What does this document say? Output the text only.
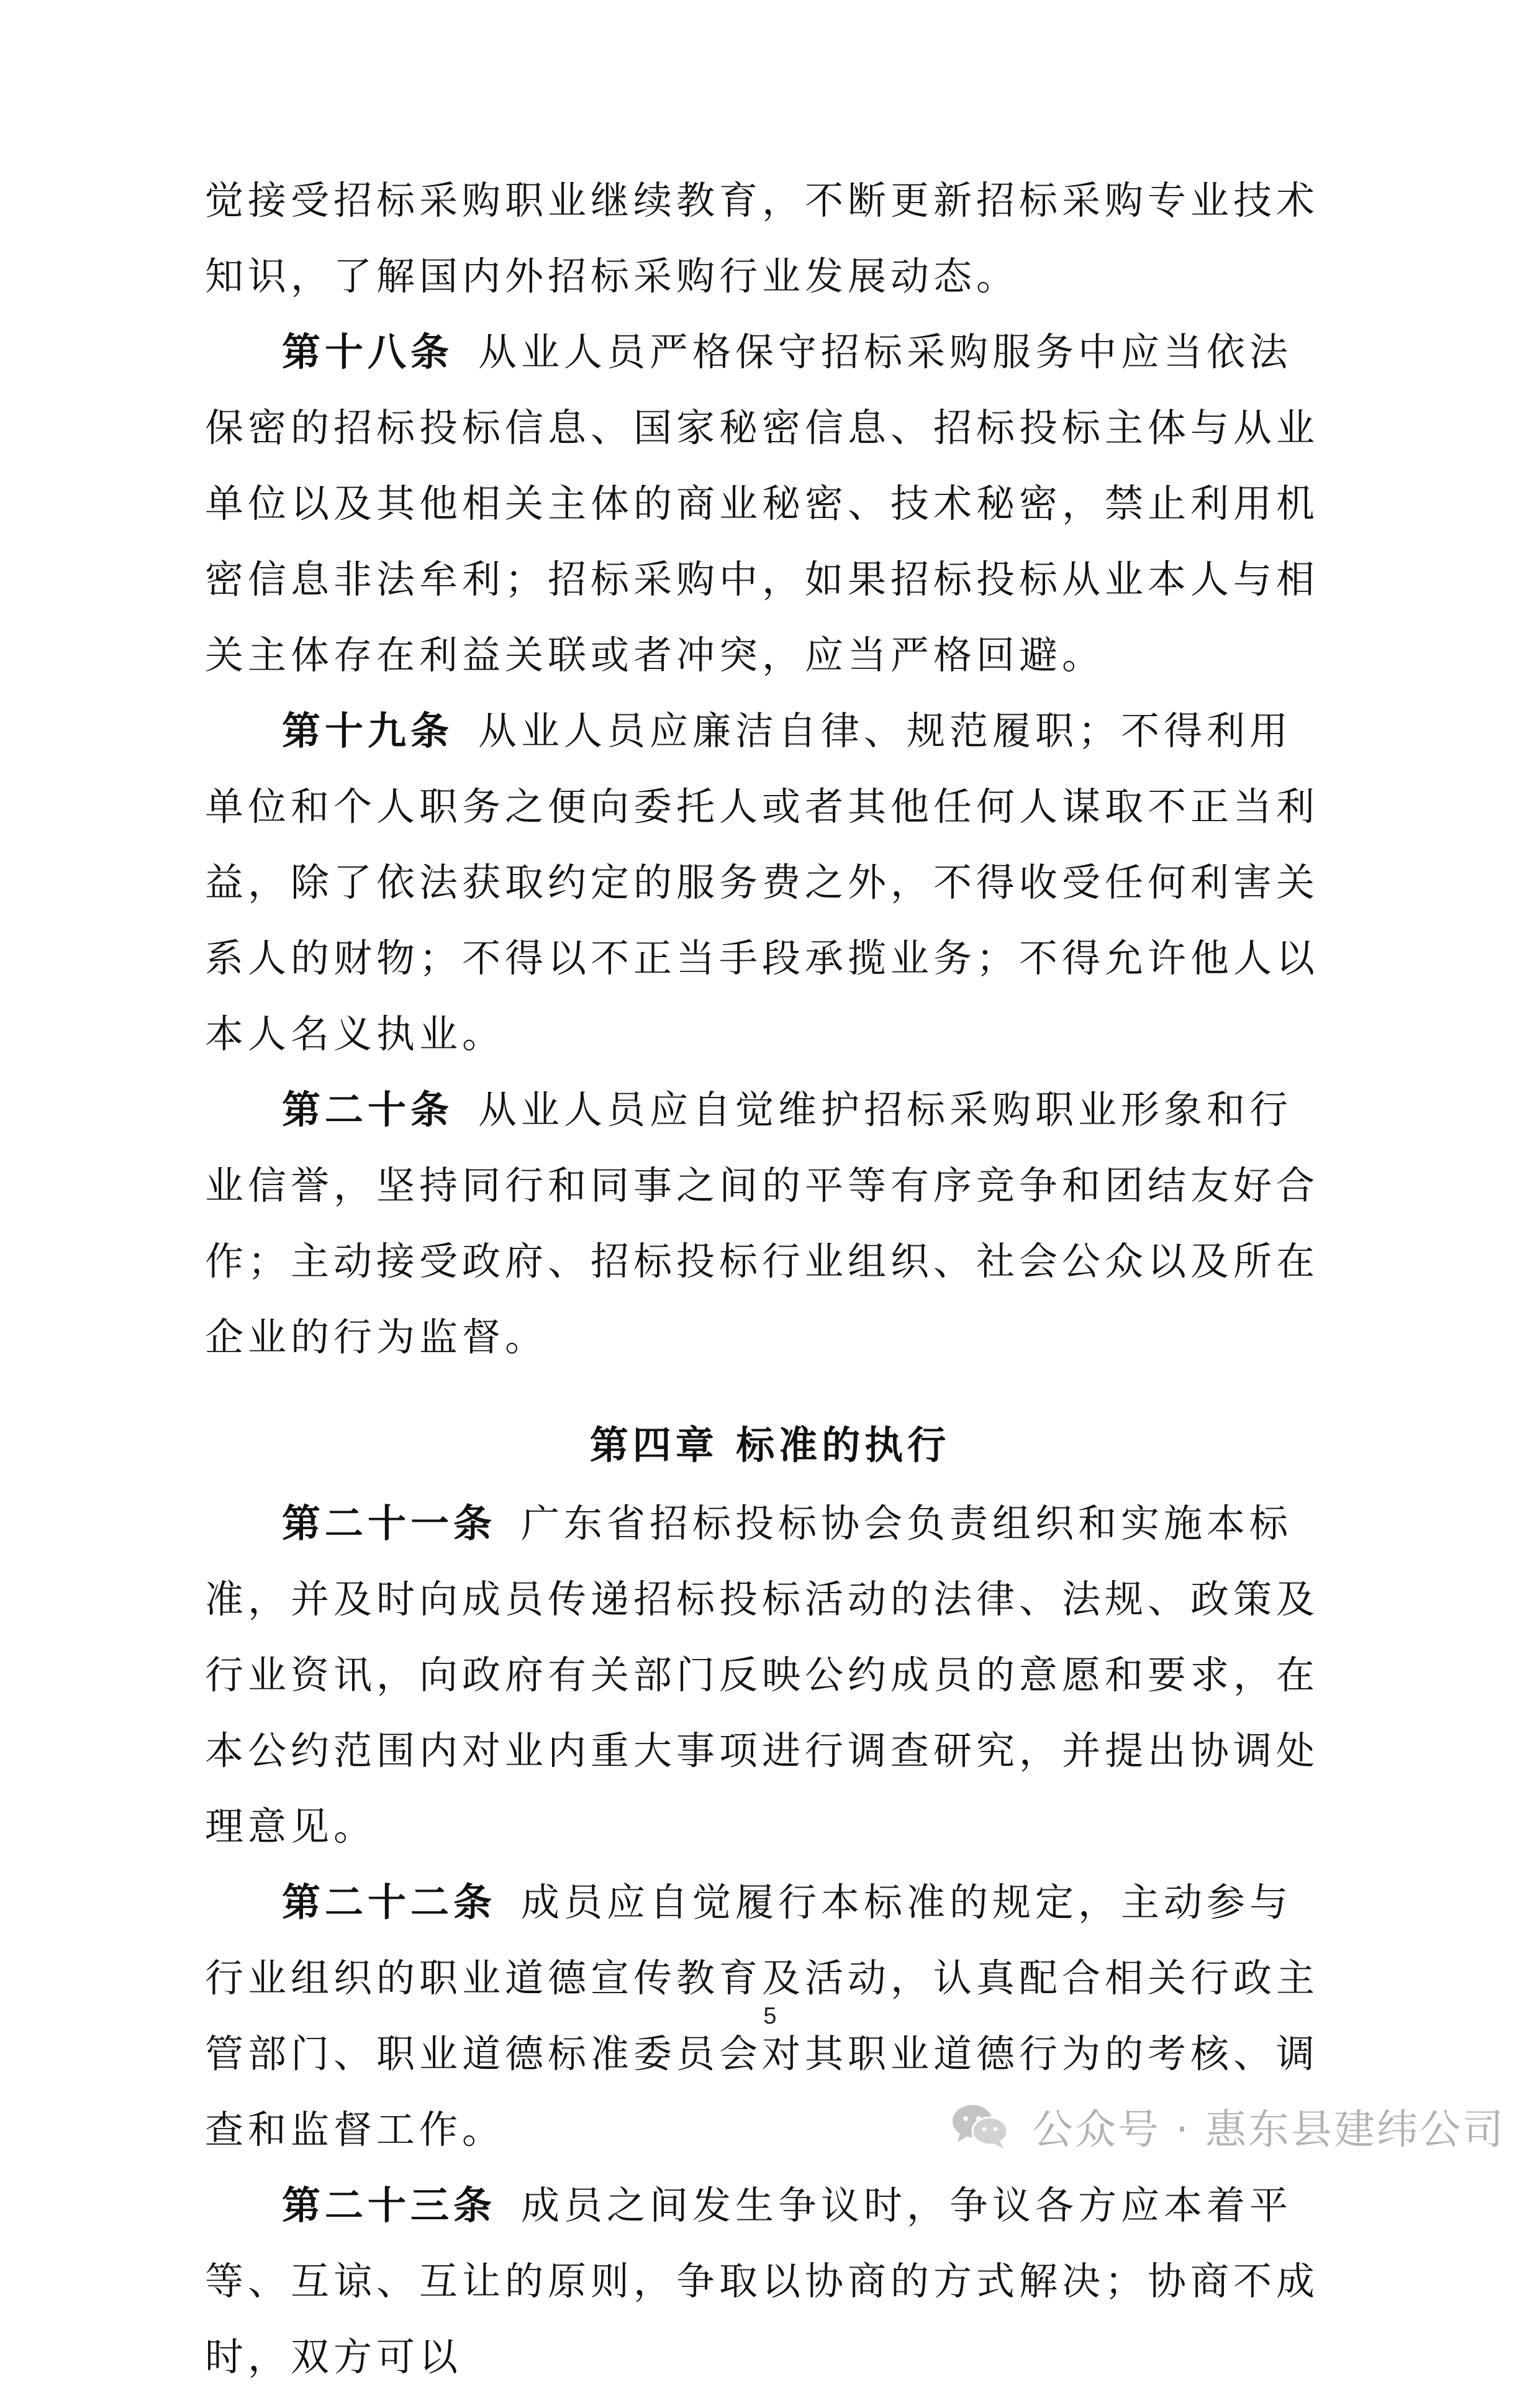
觉接受招标采购职业继续教育，不断更新招标采购专业技术知识，了解国内外招标采购行业发展动态。

第十八条 从业人员严格保守招标采购服务中应当依法保密的招标投标信息、国家秘密信息、招标投标主体与从业单位以及其他相关主体的商业秘密、技术秘密，禁止利用机密信息非法牟利；招标采购中，如果招标投标从业本人与相关主体存在利益关联或者冲突，应当严格回避。

第十九条 从业人员应廉洁自律、规范履职；不得利用单位和个人职务之便向委托人或者其他任何人谋取不正当利益，除了依法获取约定的服务费之外，不得收受任何利害关系人的财物；不得以不正当手段承揽业务；不得允许他人以本人名义执业。

第二十条 从业人员应自觉维护招标采购职业形象和行业信誉，坚持同行和同事之间的平等有序竞争和团结友好合作；主动接受政府、招标投标行业组织、社会公众以及所在企业的行为监督。

第四章 标准的执行

第二十一条 广东省招标投标协会负责组织和实施本标准，并及时向成员传递招标投标活动的法律、法规、政策及行业资讯，向政府有关部门反映公约成员的意愿和要求，在本公约范围内对业内重大事项进行调查研究，并提出协调处理意见。

第二十二条 成员应自觉履行本标准的规定，主动参与行业组织的职业道德宣传教育及活动，认真配合相关行政主管部门、职业道德标准委员会对其职业道德行为的考核、调查和监督工作。

第二十三条 成员之间发生争议时，争议各方应本着平等、互谅、互让的原则，争取以协商的方式解决；协商不成时，双方可以

5
公众号 · 惠东县建纬公司
